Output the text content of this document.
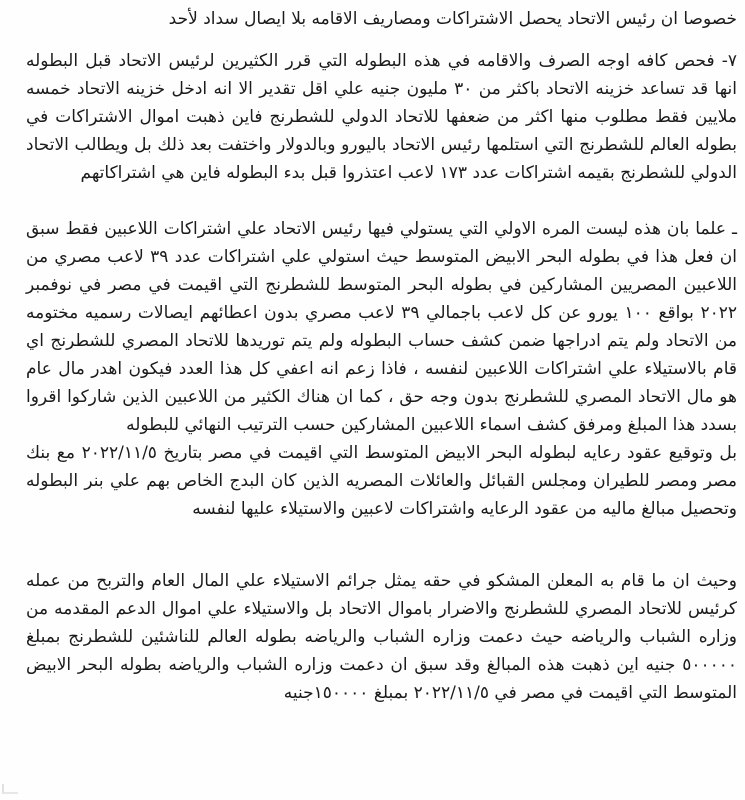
خصوصا ان رئيس الاتحاد يحصل الاشتراكات ومصاريف الاقامه بلا ايصال سداد لأحد

٧- فحص كافه اوجه الصرف والاقامه في هذه البطوله التي قرر الكثيرين لرئيس الاتحاد قبل البطوله انها قد تساعد خزينه الاتحاد باكثر من ٣٠ مليون جنيه علي اقل تقدير الا انه ادخل خزينه الاتحاد خمسه ملايين فقط مطلوب منها اكثر من ضعفها للاتحاد الدولي للشطرنج فاين ذهبت اموال الاشتراكات في بطوله العالم للشطرنج التي استلمها رئيس الاتحاد باليورو وبالدولار واختفت بعد ذلك بل ويطالب الاتحاد الدولي للشطرنج بقيمه اشتراكات عدد ١٧٣ لاعب اعتذروا قبل بدء البطوله فاين هي اشتراكاتهم

ـ علما بان هذه ليست المره الاولي التي يستولي فيها رئيس الاتحاد علي اشتراكات اللاعبين فقط سبق ان فعل هذا في بطوله البحر الابيض المتوسط حيث استولي علي اشتراكات عدد ٣٩ لاعب مصري من اللاعبين المصريين المشاركين في بطوله البحر المتوسط للشطرنج التي اقيمت في مصر في نوفمبر ٢٠٢٢ بواقع ١٠٠ يورو عن كل لاعب باجمالي ٣٩ لاعب مصري بدون اعطائهم ايصالات رسميه مختومه من الاتحاد ولم يتم ادراجها ضمن كشف حساب البطوله ولم يتم توريدها للاتحاد المصري للشطرنج اي قام بالاستيلاء علي اشتراكات اللاعبين لنفسه ، فاذا زعم انه اعفي كل هذا العدد فيكون اهدر مال عام هو مال الاتحاد المصري للشطرنج بدون وجه حق ، كما ان هناك الكثير من اللاعبين الذين شاركوا اقروا بسدد هذا المبلغ ومرفق كشف اسماء اللاعبين المشاركين حسب الترتيب النهائي للبطوله

بل وتوقيع عقود رعايه لبطوله البحر الابيض المتوسط التي اقيمت في مصر بتاريخ ٢٠٢٢/١١/٥ مع بنك مصر ومصر للطيران ومجلس القبائل والعائلات المصريه الذين كان البدج الخاص بهم علي بنر البطوله وتحصيل مبالغ ماليه من عقود الرعايه واشتراكات لاعبين والاستيلاء عليها لنفسه

وحيث ان ما قام به المعلن المشكو في حقه يمثل جرائم الاستيلاء علي المال العام والتربح من عمله كرئيس للاتحاد المصري للشطرنج والاضرار باموال الاتحاد بل والاستيلاء علي اموال الدعم المقدمه من وزاره الشباب والرياضه حيث دعمت وزاره الشباب والرياضه بطوله العالم للناشئين للشطرنج بمبلغ ٥٠٠٠٠٠ جنيه اين ذهبت هذه المبالغ وقد سبق ان دعمت وزاره الشباب والرياضه بطوله البحر الابيض المتوسط التي اقيمت في مصر في ٢٠٢٢/١١/٥ بمبلغ ١٥٠٠٠٠جنيه
